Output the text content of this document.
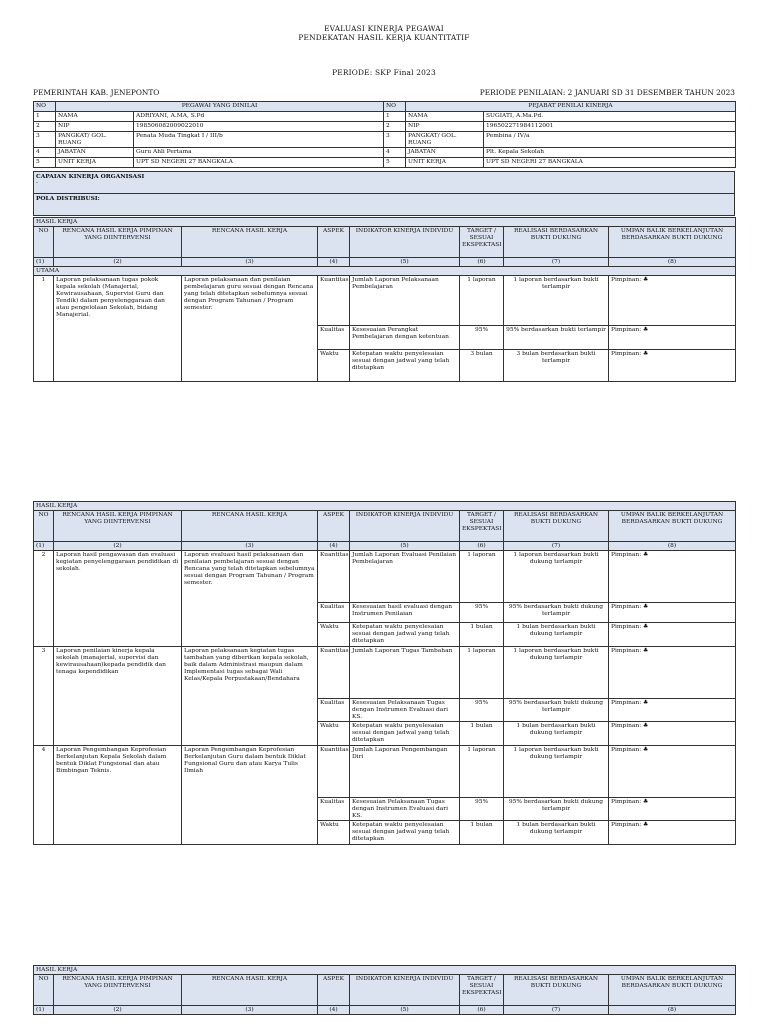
EVALUASI KINERJA PEGAWAI
PENDEKATAN HASIL KERJA KUANTITATIF
PERIODE: SKP Final 2023
PEMERINTAH KAB. JENEPONTO	PERIODE PENILAIAN: 2 JANUARI SD 31 DESEMBER TAHUN 2023
NO	PEGAWAI YANG DINILAI		NO	PEJABAT PENILAI KINERJA	
1	NAMA	ADRIYANI, A.MA, S.Pd	1	NAMA	SUGIATI, A.Ma.Pd.
2	NIP	198506082009022010	2	NIP	196502271984112001
3	PANGKAT/ GOL. RUANG	Penata Muda Tingkat I / III/b	3	PANGKAT/ GOL. RUANG	Pembina / IV/a
4	JABATAN	Guru Ahli Pertama	4	JABATAN	Plt. Kepala Sekolah
5	UNIT KERJA	UPT SD NEGERI 27 BANGKALA	5	UNIT KERJA	UPT SD NEGERI 27 BANGKALA
CAPAIAN KINERJA ORGANISASI
-

POLA DISTRIBUSI:
HASIL KERJA							
NO	RENCANA HASIL KERJA PIMPINAN YANG DIINTERVENSI	RENCANA HASIL KERJA	ASPEK	INDIKATOR KINERJA INDIVIDU	TARGET / SESUAI EKSPEKTASI	REALISASI BERDASARKAN BUKTI DUKUNG	UMPAN BALIK BERKELANJUTAN BERDASARKAN BUKTI DUKUNG
(1)	(2)	(3)	(4)	(5)	(6)	(7)	(8)
UTAMA							
1	Laporan pelaksanaan tugas pokok kepala sekolah (Manajerial, Kewirausahaan, Supervisi Guru dan Tendik) dalam penyelenggaraan dan atau pengelolaan Sekolah, bidang Manajerial.	Laporan pelaksanaan dan penilaian pembelajaran guru sesuai dengan Rencana yang telah ditetapkan sebelumnya sesuai dengan Program Tahunan / Program semester.	Kuantitas	Jumlah Laporan Pelaksanaan Pembelajaran	1 laporan	1 laporan berdasarkan bukti terlampir	Pimpinan: ♣
			Kualitas	Kesesuaian Perangkat Pembelajaran dengan ketentuan	95%	95% berdasarkan bukti terlampir	Pimpinan: ♣
			Waktu	Ketepatan waktu penyelesaian sesuai dengan jadwal yang telah ditetapkan	3 bulan	3 bulan berdasarkan bukti terlampir	Pimpinan: ♣
HASIL KERJA							
NO	RENCANA HASIL KERJA PIMPINAN YANG DIINTERVENSI	RENCANA HASIL KERJA	ASPEK	INDIKATOR KINERJA INDIVIDU	TARGET / SESUAI EKSPEKTASI	REALISASI BERDASARKAN BUKTI DUKUNG	UMPAN BALIK BERKELANJUTAN BERDASARKAN BUKTI DUKUNG
(1)	(2)	(3)	(4)	(5)	(6)	(7)	(8)
2	Laporan hasil pengawasan dan evaluasi kegiatan penyelenggaraan pendidikan di sekolah.	Laporan evaluasi hasil pelaksanaan dan penilaian pembelajaran sesuai dengan Rencana yang telah ditetapkan sebelumnya sesuai dengan Program Tahunan / Program semester.	Kuantitas	Jumlah Laporan Evaluasi Penilaian Pembelajaran	1 laporan	1 laporan berdasarkan bukti dukung terlampir	Pimpinan: ♣
			Kualitas	Kesesuaian hasil evaluasi dengan Instrumen Penilaian	95%	95% berdasarkan bukti dukung terlampir	Pimpinan: ♣
			Waktu	Ketepatan waktu penyelesaian sesuai dengan jadwal yang telah ditetapkan	1 bulan	1 bulan berdasarkan bukti dukung terlampir	Pimpinan: ♣
3	Laporan penilaian kinerja kepala sekolah (manajerial, supervisi dan kewirausahaan)kepada pendidik dan tenaga kependidikan	Laporan pelaksanaan kegiatan tugas tambahan yang diberikan kepala sekolah, baik dalam Administrasi maupun dalam Implementasi tugas sebagai Wali Kelas/Kepala Perpustakaan/Bendahara	Kuantitas	Jumlah Laporan Tugas Tambahan	1 laporan	1 laporan berdasarkan bukti dukung terlampir	Pimpinan: ♣
			Kualitas	Kesesuaian Pelaksanaan Tugas dengan Instrumen Evaluasi dari KS.	95%	95% berdasarkan bukti dukung terlampir	Pimpinan: ♣
			Waktu	Ketepatan waktu penyelesaian sesuai dengan jadwal yang telah ditetapkan	1 bulan	1 bulan berdasarkan bukti dukung terlampir	Pimpinan: ♣
4	Laporan Pengembangan Keprofesian Berkelanjutan Kepala Sekolah dalam bentuk Diklat Fungsional dan atau Bimbingan Teknis.	Laporan Pengembangan Keprofesian Berkelanjutan Guru dalam bentuk Diklat Fungsional Guru dan atau Karya Tulis Ilmiah	Kuantitas	Jumlah Laporan Pengembangan Diri	1 laporan	1 laporan berdasarkan bukti dukung terlampir	Pimpinan: ♣
			Kualitas	Kesesuaian Pelaksanaan Tugas dengan Instrumen Evaluasi dari KS.	95%	95% berdasarkan bukti dukung terlampir	Pimpinan: ♣
			Waktu	Ketepatan waktu penyelesaian sesuai dengan jadwal yang telah ditetapkan	1 bulan	1 bulan berdasarkan bukti dukung terlampir	Pimpinan: ♣
HASIL KERJA							
NO	RENCANA HASIL KERJA PIMPINAN YANG DIINTERVENSI	RENCANA HASIL KERJA	ASPEK	INDIKATOR KINERJA INDIVIDU	TARGET / SESUAI EKSPEKTASI	REALISASI BERDASARKAN BUKTI DUKUNG	UMPAN BALIK BERKELANJUTAN BERDASARKAN BUKTI DUKUNG
(1)	(2)	(3)	(4)	(5)	(6)	(7)	(8)
